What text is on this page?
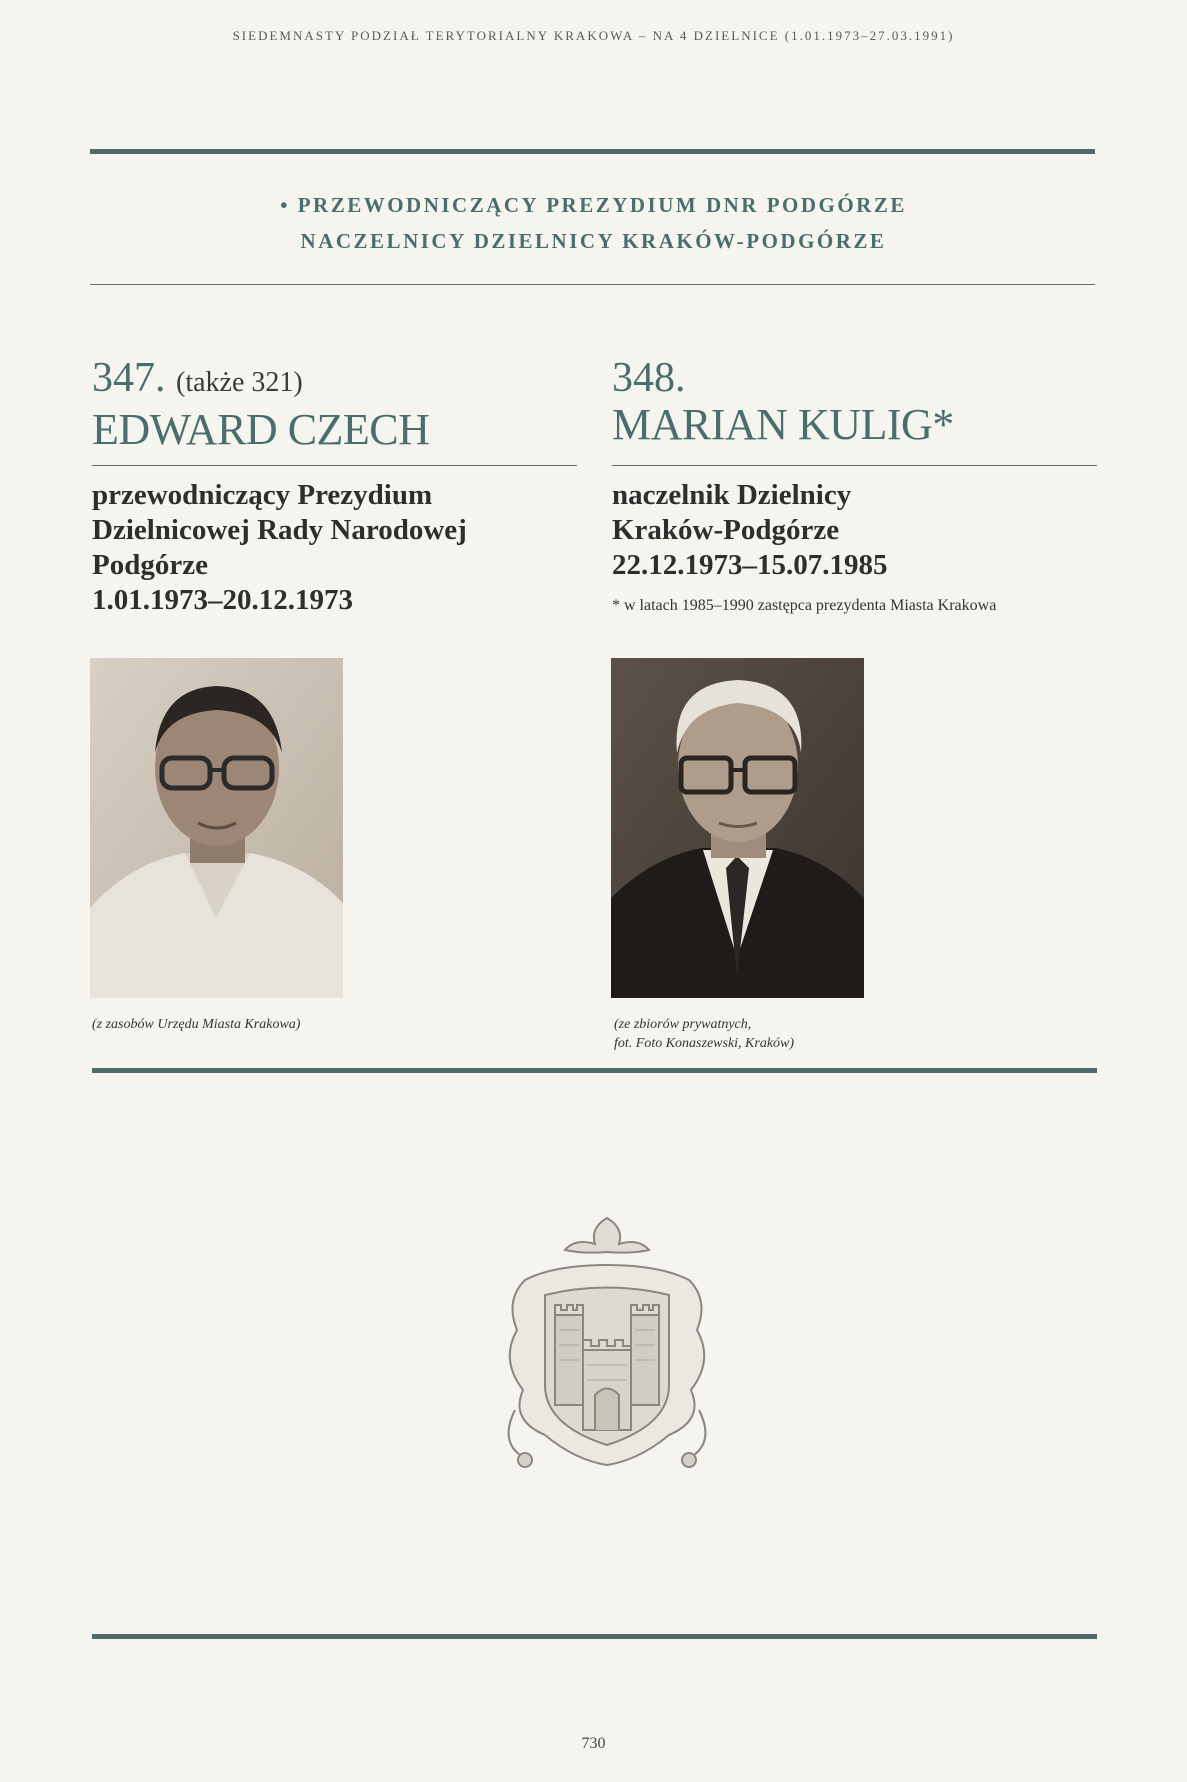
SIEDEMNASTY PODZIAŁ TERYTORIALNY KRAKOWA – NA 4 DZIELNICE (1.01.1973–27.03.1991)
• PRZEWODNICZĄCY PREZYDIUM DNR PODGÓRZE
NACZELNICY DZIELNICY KRAKÓW-PODGÓRZE
347. (także 321)
EDWARD CZECH
przewodniczący Prezydium
Dzielnicowej Rady Narodowej
Podgórze
1.01.1973–20.12.1973
(z zasobów Urzędu Miasta Krakowa)
348.
MARIAN KULIG*
naczelnik Dzielnicy
Kraków-Podgórze
22.12.1973–15.07.1985
* w latach 1985–1990 zastępca prezydenta Miasta Krakowa
(ze zbiorów prywatnych,
fot. Foto Konaszewski, Kraków)
730
